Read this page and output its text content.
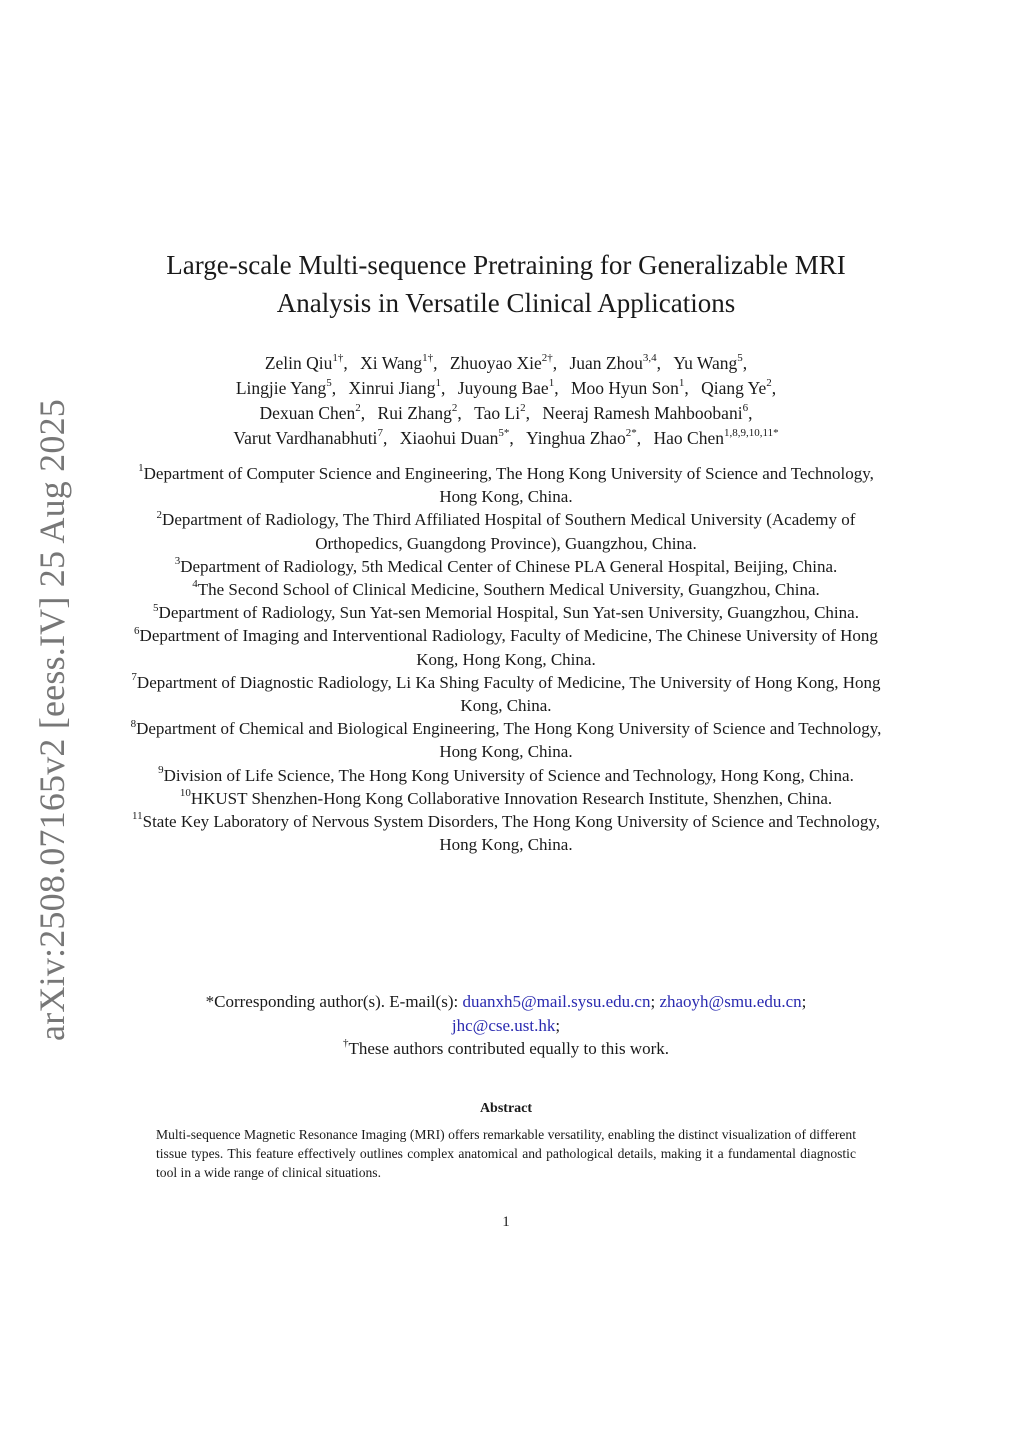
arXiv:2508.07165v2 [eess.IV] 25 Aug 2025
Large-scale Multi-sequence Pretraining for Generalizable MRI
Analysis in Versatile Clinical Applications
Zelin Qiu$^{1\dagger}$, Xi Wang$^{1\dagger}$, Zhuoyao Xie$^{2\dagger}$, Juan Zhou$^{3,4}$, Yu Wang$^5$,
Lingjie Yang$^5$, Xinrui Jiang$^1$, Juyoung Bae$^1$, Moo Hyun Son$^1$, Qiang Ye$^2$,
Dexuan Chen$^2$, Rui Zhang$^2$, Tao Li$^2$, Neeraj Ramesh Mahboobani$^6$,
Varut Vardhanabhuti$^7$, Xiaohui Duan$^{5*}$, Yinghua Zhao$^{2*}$, Hao Chen$^{1,8,9,10,11*}$

$^1$Department of Computer Science and Engineering, The Hong Kong University of Science and Technology, Hong Kong, China.

$^2$Department of Radiology, The Third Affiliated Hospital of Southern Medical University (Academy of Orthopedics, Guangdong Province), Guangzhou, China.

$^3$Department of Radiology, 5th Medical Center of Chinese PLA General Hospital, Beijing, China.

$^4$The Second School of Clinical Medicine, Southern Medical University, Guangzhou, China.

$^5$Department of Radiology, Sun Yat-sen Memorial Hospital, Sun Yat-sen University, Guangzhou, China.

$^6$Department of Imaging and Interventional Radiology, Faculty of Medicine, The Chinese University of Hong Kong, Hong Kong, China.

$^7$Department of Diagnostic Radiology, Li Ka Shing Faculty of Medicine, The University of Hong Kong, Hong Kong, China.

$^8$Department of Chemical and Biological Engineering, The Hong Kong University of Science and Technology, Hong Kong, China.

$^9$Division of Life Science, The Hong Kong University of Science and Technology, Hong Kong, China.

$^{10}$HKUST Shenzhen-Hong Kong Collaborative Innovation Research Institute, Shenzhen, China.

$^{11}$State Key Laboratory of Nervous System Disorders, The Hong Kong University of Science and Technology, Hong Kong, China.

*Corresponding author(s). E-mail(s): duanxh5@mail.sysu.edu.cn; zhaoyh@smu.edu.cn;
jhc@cse.ust.hk;
†These authors contributed equally to this work.
Abstract
Multi-sequence Magnetic Resonance Imaging (MRI) offers remarkable versatility, enabling the distinct visualization of different tissue types. This feature effectively outlines complex anatomical and pathological details, making it a fundamental diagnostic tool in a wide range of clinical situations.
1
